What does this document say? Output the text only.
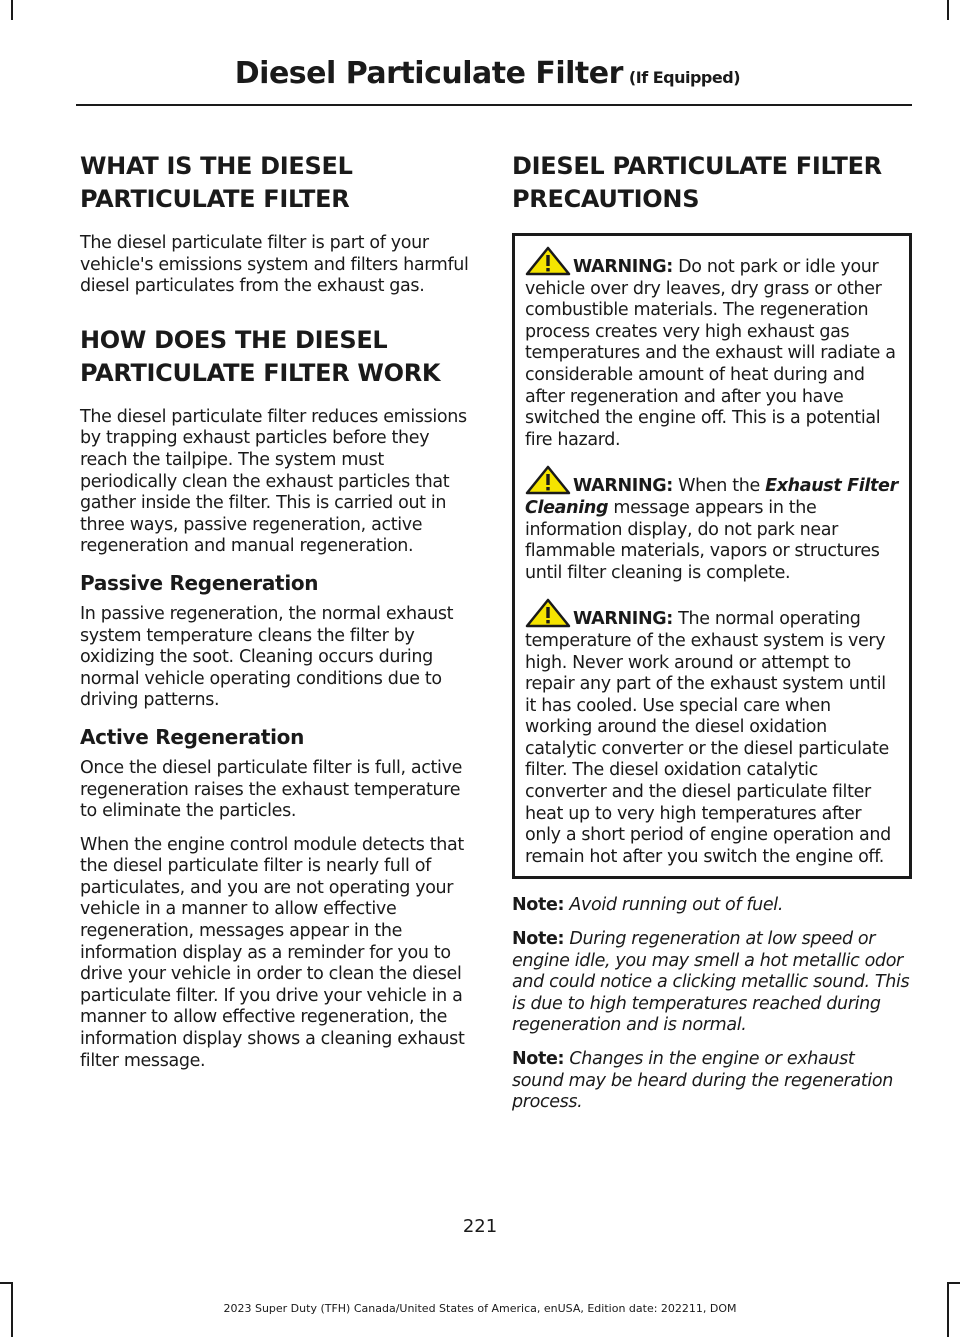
Diesel Particulate Filter (If Equipped)
WHAT IS THE DIESEL PARTICULATE FILTER

The diesel particulate filter is part of your vehicle's emissions system and filters harmful diesel particulates from the exhaust gas.

HOW DOES THE DIESEL PARTICULATE FILTER WORK

The diesel particulate filter reduces emissions by trapping exhaust particles before they reach the tailpipe. The system must periodically clean the exhaust particles that gather inside the filter. This is carried out in three ways, passive regeneration, active regeneration and manual regeneration.

Passive Regeneration

In passive regeneration, the normal exhaust system temperature cleans the filter by oxidizing the soot. Cleaning occurs during normal vehicle operating conditions due to driving patterns.

Active Regeneration

Once the diesel particulate filter is full, active regeneration raises the exhaust temperature to eliminate the particles.

When the engine control module detects that the diesel particulate filter is nearly full of particulates, and you are not operating your vehicle in a manner to allow effective regeneration, messages appear in the information display as a reminder for you to drive your vehicle in order to clean the diesel particulate filter. If you drive your vehicle in a manner to allow effective regeneration, the information display shows a cleaning exhaust filter message.

DIESEL PARTICULATE FILTER PRECAUTIONS

WARNING: Do not park or idle your vehicle over dry leaves, dry grass or other combustible materials. The regeneration process creates very high exhaust gas temperatures and the exhaust will radiate a considerable amount of heat during and after regeneration and after you have switched the engine off. This is a potential fire hazard.

WARNING: When the Exhaust Filter Cleaning message appears in the information display, do not park near flammable materials, vapors or structures until filter cleaning is complete.

WARNING: The normal operating temperature of the exhaust system is very high. Never work around or attempt to repair any part of the exhaust system until it has cooled. Use special care when working around the diesel oxidation catalytic converter or the diesel particulate filter. The diesel oxidation catalytic converter and the diesel particulate filter heat up to very high temperatures after only a short period of engine operation and remain hot after you switch the engine off.

Note: Avoid running out of fuel.

Note: During regeneration at low speed or engine idle, you may smell a hot metallic odor and could notice a clicking metallic sound. This is due to high temperatures reached during regeneration and is normal.

Note: Changes in the engine or exhaust sound may be heard during the regeneration process.

221
2023 Super Duty (TFH) Canada/United States of America, enUSA, Edition date: 202211, DOM
